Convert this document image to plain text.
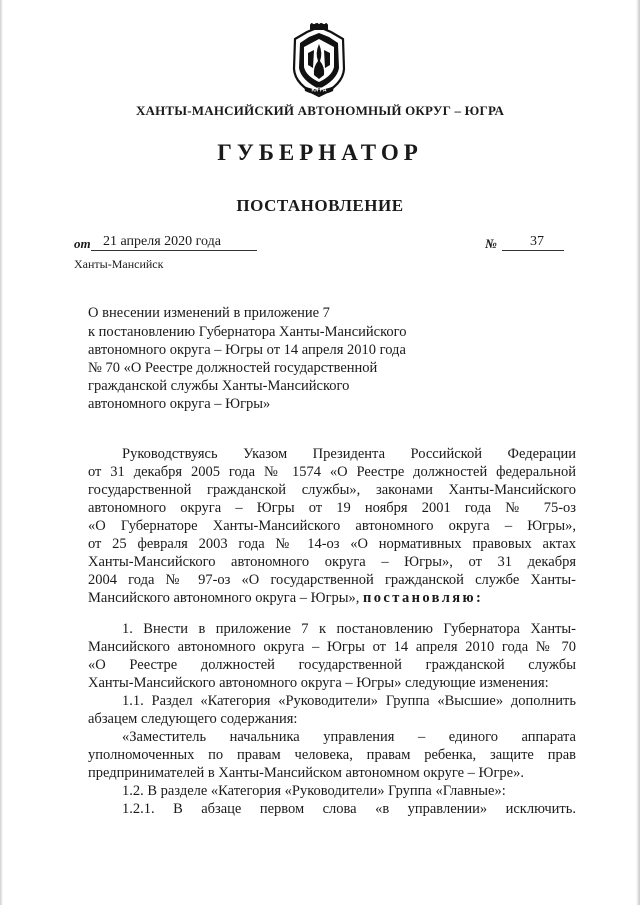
ЮГРА
ХАНТЫ-МАНСИЙСКИЙ АВТОНОМНЫЙ ОКРУГ – ЮГРА
ГУБЕРНАТОР
ПОСТАНОВЛЕНИЕ
от 21 апреля 2020 года	№	37
Ханты-Мансийск
О внесении изменений в приложение 7
к постановлению Губернатора Ханты-Мансийского
автономного округа – Югры от 14 апреля 2010 года
№ 70 «О Реестре должностей государственной
гражданской службы Ханты-Мансийского
автономного округа – Югры»
Руководствуясь Указом Президента Российской Федерации
от 31 декабря 2005 года № 1574 «О Реестре должностей федеральной
государственной гражданской службы», законами Ханты-Мансийского
автономного округа – Югры от 19 ноября 2001 года № 75-оз
«О Губернаторе Ханты-Мансийского автономного округа – Югры»,
от 25 февраля 2003 года № 14-оз «О нормативных правовых актах
Ханты-Мансийского автономного округа – Югры», от 31 декабря
2004 года № 97-оз «О государственной гражданской службе Ханты-
Мансийского автономного округа – Югры», постановляю:
1. Внести в приложение 7 к постановлению Губернатора Ханты-
Мансийского автономного округа – Югры от 14 апреля 2010 года № 70
«О Реестре должностей государственной гражданской службы
Ханты-Мансийского автономного округа – Югры» следующие изменения:
1.1. Раздел «Категория «Руководители» Группа «Высшие» дополнить
абзацем следующего содержания:
«Заместитель начальника управления – единого аппарата
уполномоченных по правам человека, правам ребенка, защите прав
предпринимателей в Ханты-Мансийском автономном округе – Югре».
1.2. В разделе «Категория «Руководители» Группа «Главные»:
1.2.1. В абзаце первом слова «в управлении» исключить.
